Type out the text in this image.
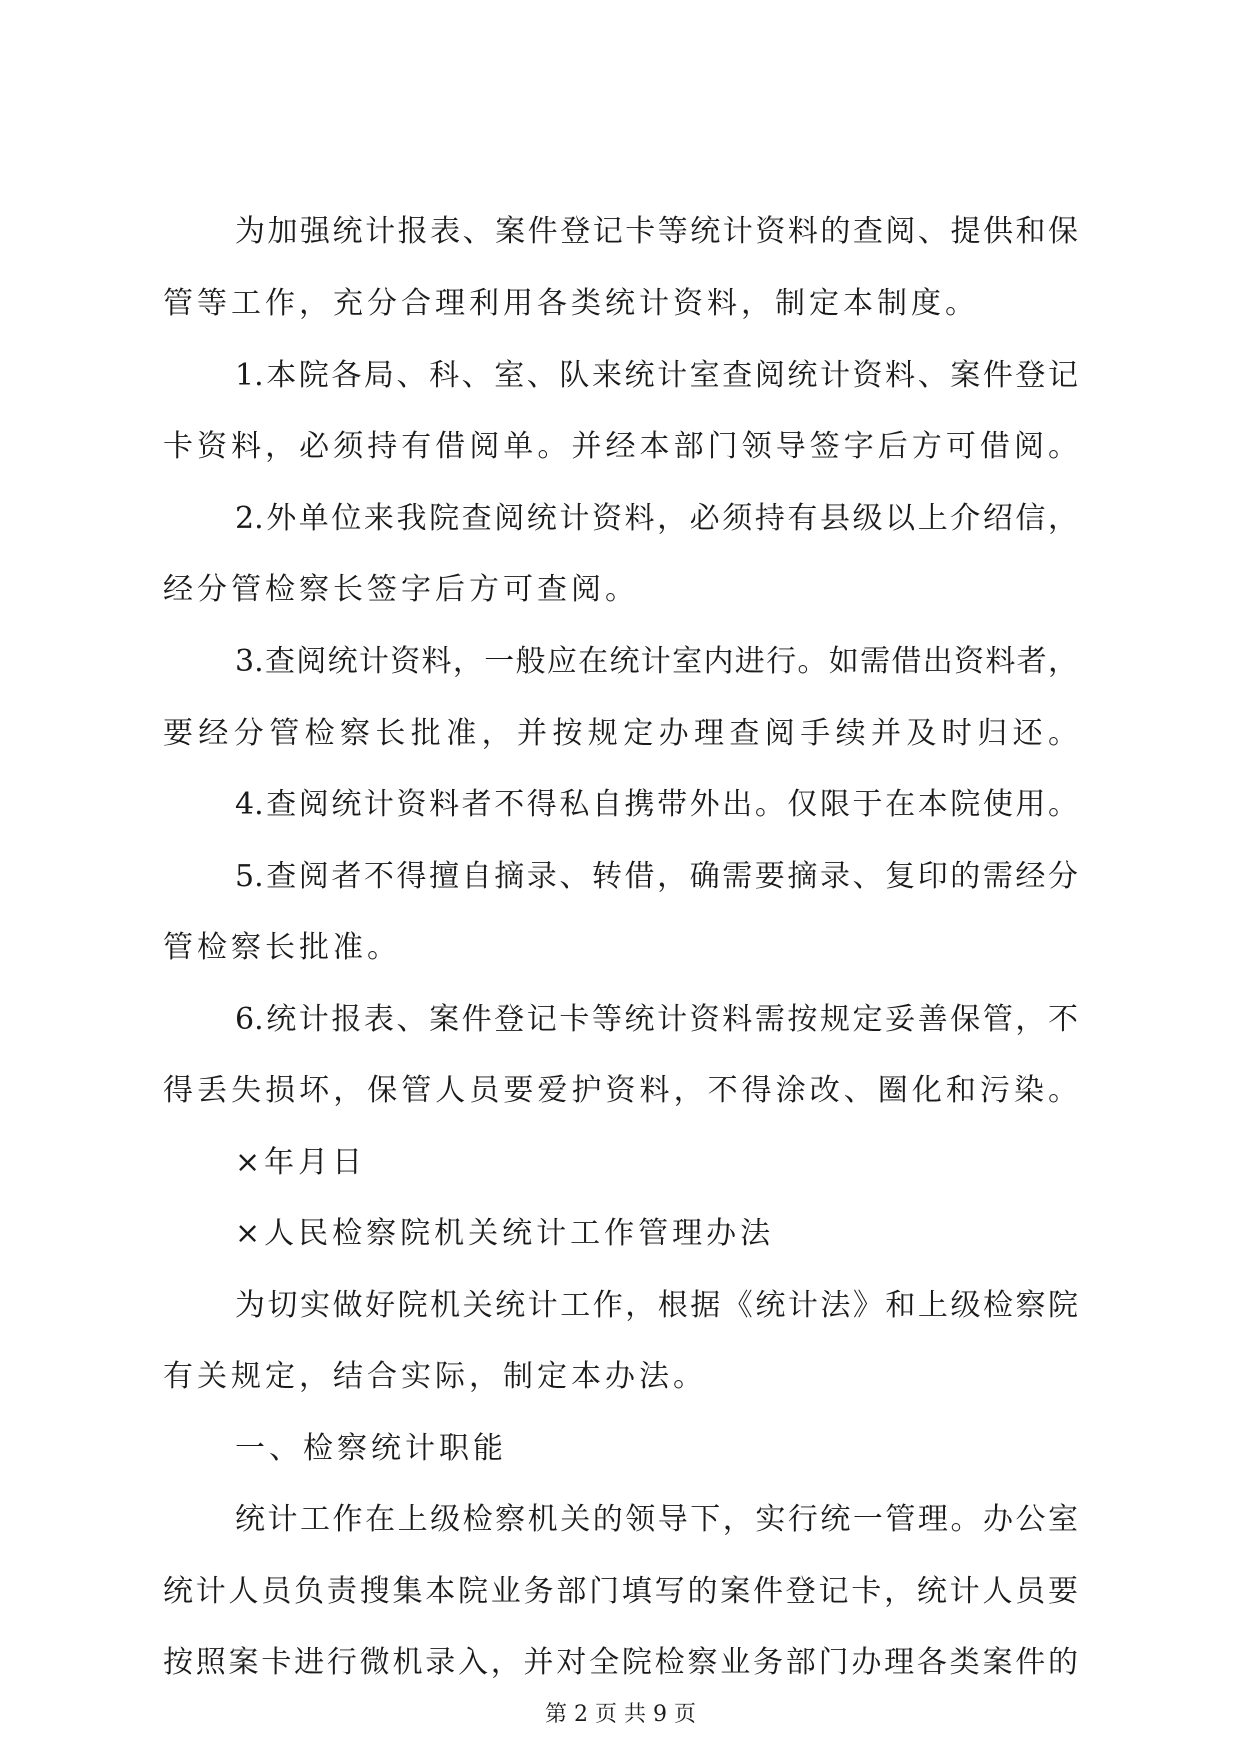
为加强统计报表、案件登记卡等统计资料的查阅、提供和保
管等工作，充分合理利用各类统计资料，制定本制度。
1.本院各局、科、室、队来统计室查阅统计资料、案件登记
卡资料，必须持有借阅单。并经本部门领导签字后方可借阅。
2.外单位来我院查阅统计资料，必须持有县级以上介绍信，
经分管检察长签字后方可查阅。
3.查阅统计资料，一般应在统计室内进行。如需借出资料者，
要经分管检察长批准，并按规定办理查阅手续并及时归还。
4.查阅统计资料者不得私自携带外出。仅限于在本院使用。
5.查阅者不得擅自摘录、转借，确需要摘录、复印的需经分
管检察长批准。
6.统计报表、案件登记卡等统计资料需按规定妥善保管，不
得丢失损坏，保管人员要爱护资料，不得涂改、圈化和污染。
×年月日
×人民检察院机关统计工作管理办法
为切实做好院机关统计工作，根据《统计法》和上级检察院
有关规定，结合实际，制定本办法。
一、检察统计职能
统计工作在上级检察机关的领导下，实行统一管理。办公室
统计人员负责搜集本院业务部门填写的案件登记卡，统计人员要
按照案卡进行微机录入，并对全院检察业务部门办理各类案件的
第 2 页 共 9 页
